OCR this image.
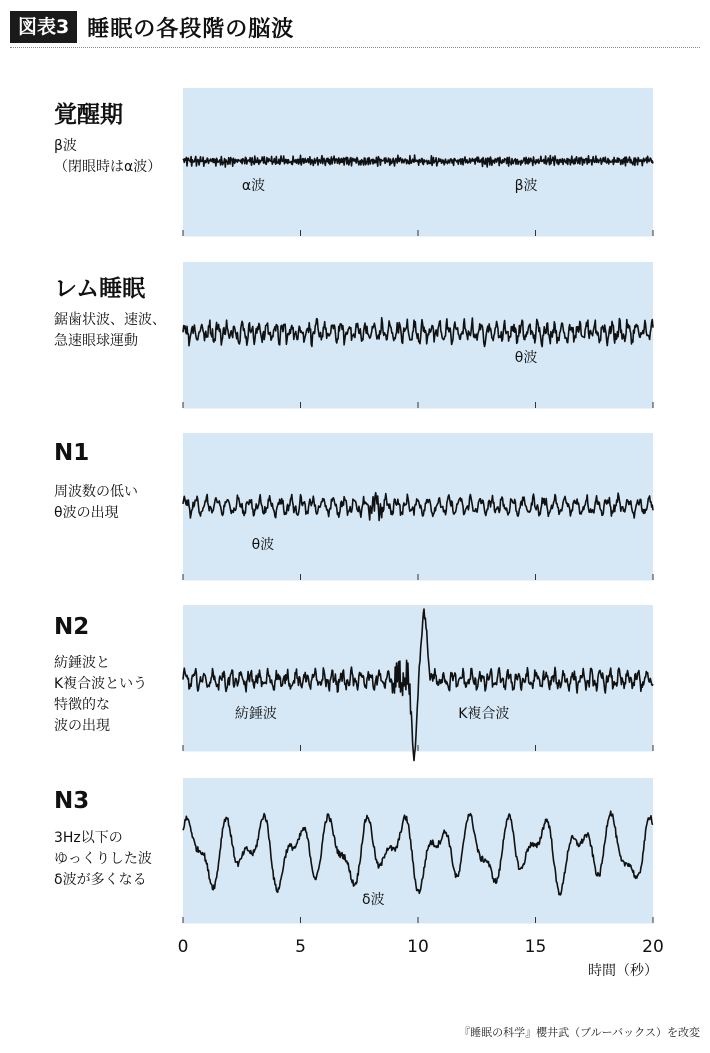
図表3 睡眠の各段階の脳波
覚醒期
β波
（閉眼時はα波）
レム睡眠
鋸歯状波、速波、
急速眼球運動
N1
周波数の低い
θ波の出現
N2
紡錘波と
K複合波という
特徴的な
波の出現
N3
3Hz以下の
ゆっくりした波
δ波が多くなる
α波	β波
θ波
θ波
紡錘波	K複合波
δ波
0	5	10	15	20
時間（秒）
『睡眠の科学』櫻井武（ブルーバックス）を改変
